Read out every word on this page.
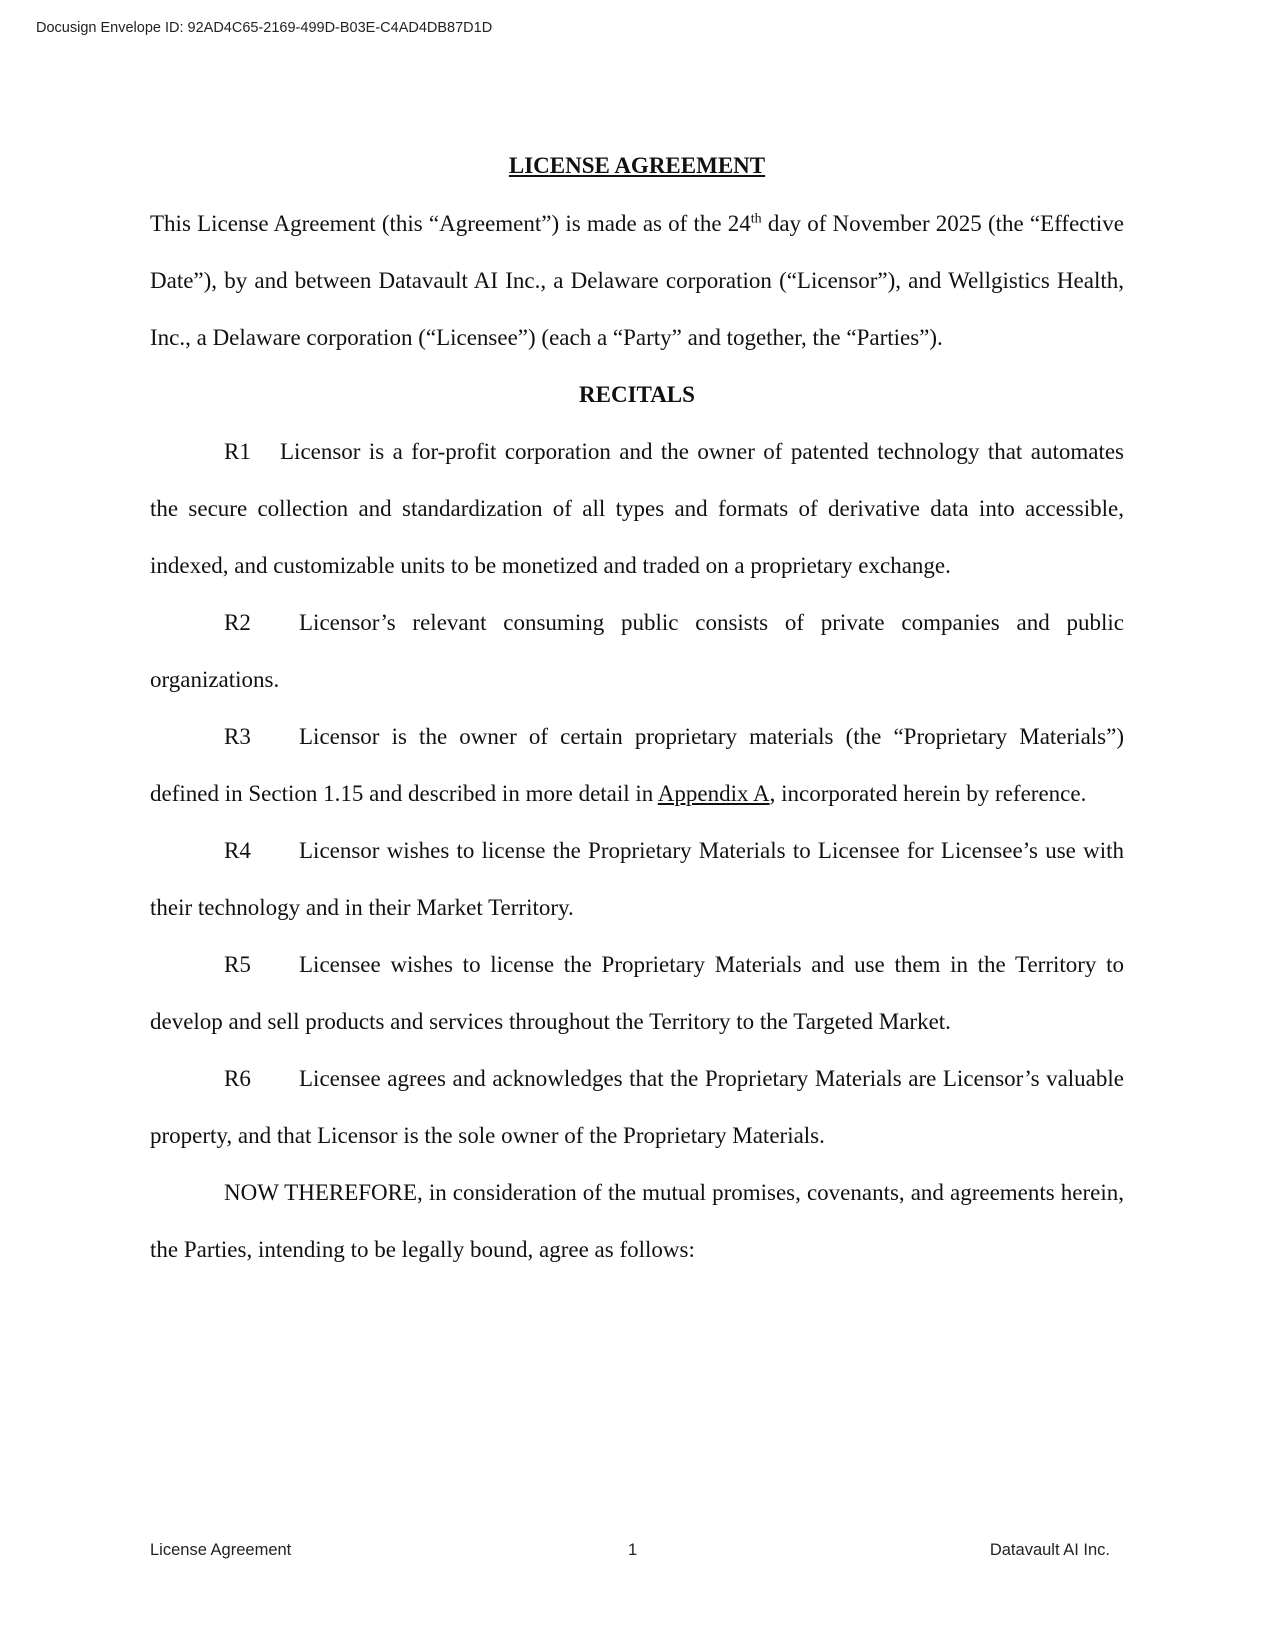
Docusign Envelope ID: 92AD4C65-2169-499D-B03E-C4AD4DB87D1D
LICENSE AGREEMENT

This License Agreement (this “Agreement”) is made as of the 24th day of November 2025 (the “Effective Date”), by and between Datavault AI Inc., a Delaware corporation (“Licensor”), and Wellgistics Health, Inc., a Delaware corporation (“Licensee”) (each a “Party” and together, the “Parties”).

RECITALS

R1 Licensor is a for-profit corporation and the owner of patented technology that automates the secure collection and standardization of all types and formats of derivative data into accessible, indexed, and customizable units to be monetized and traded on a proprietary exchange.

R2 Licensor’s relevant consuming public consists of private companies and public organizations.

R3 Licensor is the owner of certain proprietary materials (the “Proprietary Materials”) defined in Section 1.15 and described in more detail in Appendix A, incorporated herein by reference.

R4 Licensor wishes to license the Proprietary Materials to Licensee for Licensee’s use with their technology and in their Market Territory.

R5 Licensee wishes to license the Proprietary Materials and use them in the Territory to develop and sell products and services throughout the Territory to the Targeted Market.

R6 Licensee agrees and acknowledges that the Proprietary Materials are Licensor’s valuable property, and that Licensor is the sole owner of the Proprietary Materials.

NOW THEREFORE, in consideration of the mutual promises, covenants, and agreements herein, the Parties, intending to be legally bound, agree as follows:

License Agreement	1	Datavault AI Inc.
